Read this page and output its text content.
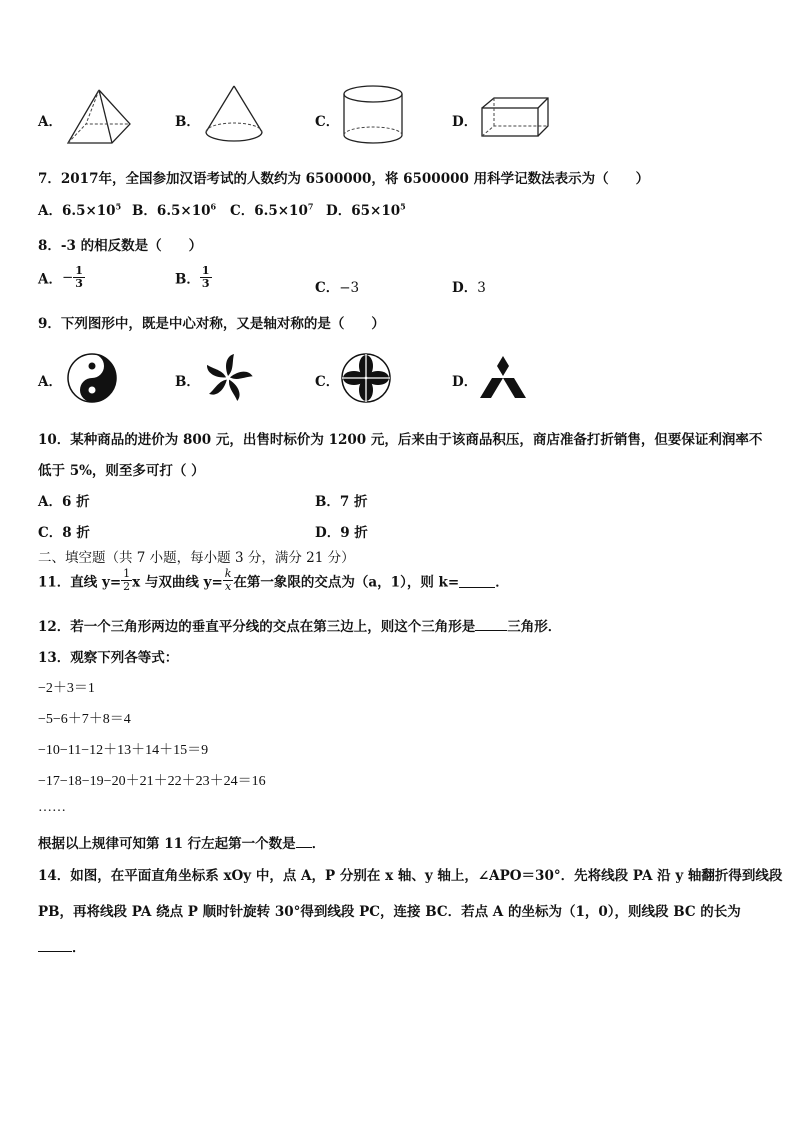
A．	B．	C．	D．
7．2017年，全国参加汉语考试的人数约为 6500000，将 6500000 用科学记数法表示为（　　）
A．$6.5\times 10^5$ B．$6.5\times 10^6$ C．$6.5\times 10^7$ D．$65\times 10^5$
8．-3 的相反数是（　　）
A．− $\frac{1}{3}$	B． $\frac{1}{3}$	C．−3	D．3
9．下列图形中，既是中心对称，又是轴对称的是（　　）
A．	B．	C．	D．
10．某种商品的进价为 800 元，出售时标价为 1200 元，后来由于该商品积压，商店准备打折销售，但要保证利润率不
低于 5%，则至多可打（ ）
A．6 折	B．7 折
C．8 折	D．9 折
二、填空题（共 7 小题，每小题 3 分，满分 21 分）
11．直线 $y= \frac{1}{2}$ x 与双曲线 $y= \frac{k}{x}$ 在第一象限的交点为（a，1），则 k=	．
12．若一个三角形两边的垂直平分线的交点在第三边上，则这个三角形是 三角形．
13．观察下列各等式：
−2＋3＝1
−5−6＋7＋8＝4
−10−11−12＋13＋14＋15＝9
−17−18−19−20＋21＋22＋23＋24＝16
……
根据以上规律可知第 11 行左起第一个数是 ．
14．如图，在平面直角坐标系 xOy 中，点 A，P 分别在 x 轴、y 轴上，∠APO＝30°．先将线段 PA 沿 y 轴翻折得到线段
PB，再将线段 PA 绕点 P 顺时针旋转 30°得到线段 PC，连接 BC．若点 A 的坐标为（1，0），则线段 BC 的长为
．
